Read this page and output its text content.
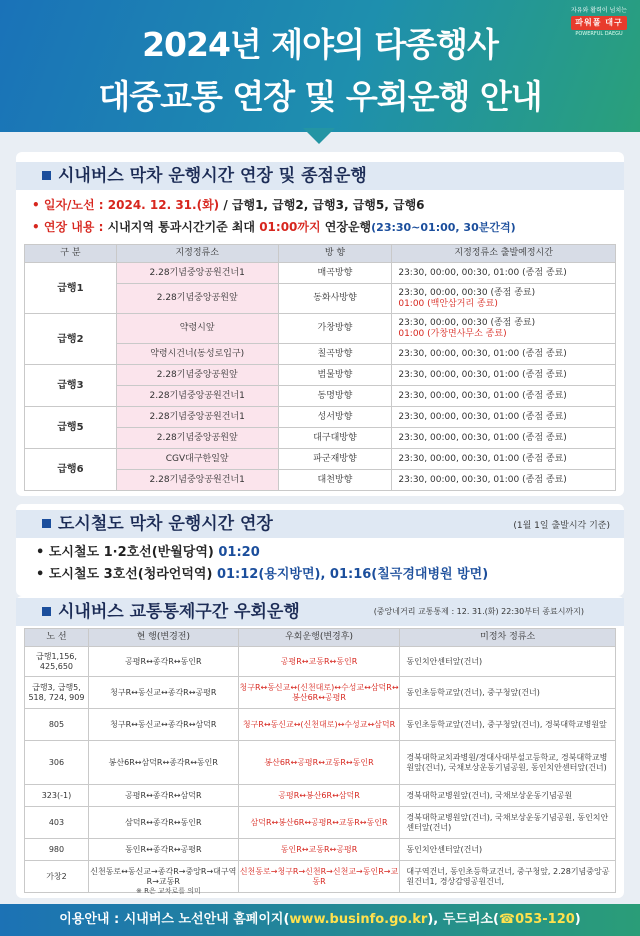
자유와 활력이 넘치는
파워풀 대구
POWERFUL DAEGU
2024년 제야의 타종행사
대중교통 연장 및 우회운행 안내
시내버스 막차 운행시간 연장 및 종점운행
• 일자/노선 : 2024. 12. 31.(화) / 급행1, 급행2, 급행3, 급행5, 급행6
• 연장 내용 : 시내지역 통과시간기준 최대 01:00까지 연장운행(23:30~01:00, 30분간격)
구 분	지정정류소	방 향	지정정류소 출발예정시간
급행1	2.28기념중앙공원건너1	매곡방향	23:30, 00:00, 00:30, 01:00 (종점 종료)
	2.28기념중앙공원앞	동화사방향	23:30, 00:00, 00:30 (종점 종료)
01:00 (백안삼거리 종료)

급행2	약령시앞	가창방향	23:30, 00:00, 00:30 (종점 종료)
01:00 (가창면사무소 종료)

	약령시건너(동성로입구)	칠곡방향	23:30, 00:00, 00:30, 01:00 (종점 종료)
급행3	2.28기념중앙공원앞	범물방향	23:30, 00:00, 00:30, 01:00 (종점 종료)
	2.28기념중앙공원건너1	동명방향	23:30, 00:00, 00:30, 01:00 (종점 종료)
급행5	2.28기념중앙공원건너1	성서방향	23:30, 00:00, 00:30, 01:00 (종점 종료)
	2.28기념중앙공원앞	대구대방향	23:30, 00:00, 00:30, 01:00 (종점 종료)
급행6	CGV대구한일앞	파군재방향	23:30, 00:00, 00:30, 01:00 (종점 종료)
	2.28기념중앙공원건너1	대천방향	23:30, 00:00, 00:30, 01:00 (종점 종료)
도시철도 막차 운행시간 연장	(1월 1일 출발시각 기준)
• 도시철도 1·2호선(반월당역) 01:20
• 도시철도 3호선(청라언덕역) 01:12(용지방면), 01:16(칠곡경대병원 방면)
시내버스 교통통제구간 우회운행	(중앙네거리 교통통제 : 12. 31.(화) 22:30부터 종료시까지)
노 선	현 행(변경전)	우회운행(변경후)	미정차 정류소
급행1,156, 425,650	공평R↔종각R↔동인R	공평R↔교동R↔동인R	동인치안센터앞(건너)
급행3, 급행5, 518, 724, 909	청구R↔동신교↔종각R↔공평R	청구R↔동신교↔(신천대로)↔수성교↔삼덕R↔봉산6R↔공평R	동인초등학교앞(건너), 중구청앞(건너)
805	청구R↔동신교↔종각R↔삼덕R	청구R↔동신교↔(신천대로)↔수성교↔삼덕R	동인초등학교앞(건너), 중구청앞(건너), 경북대학교병원앞
306	봉산6R↔삼덕R↔종각R↔동인R	봉산6R↔공평R↔교동R↔동인R	경북대학교치과병원/경대사대부설고등학교, 경북대학교병원앞(건너), 국채보상운동기념공원, 동인치안센터앞(건너)
323(-1)	공평R↔종각R↔삼덕R	공평R↔봉산6R↔삼덕R	경북대학교병원앞(건너), 국채보상운동기념공원
403	삼덕R↔종각R↔동인R	삼덕R↔봉산6R↔공평R↔교동R↔동인R	경북대학교병원앞(건너), 국채보상운동기념공원, 동인치안센터앞(건너)
980	동인R↔종각R↔공평R	동인R↔교동R↔공평R	동인치안센터앞(건너)
가창2	신천동로↔동신교→종각R→중앙R→대구역R→교동R	신천동로→청구R→신천R→신천교→동인R→교동R	대구역건너, 동인초등학교건너, 중구청앞, 2.28기념중앙공원건너1, 경상감영공원건너,
※ R은 교차로를 의미
이용안내 : 시내버스 노선안내 홈페이지(www.businfo.go.kr), 두드리소(☎053-120)
